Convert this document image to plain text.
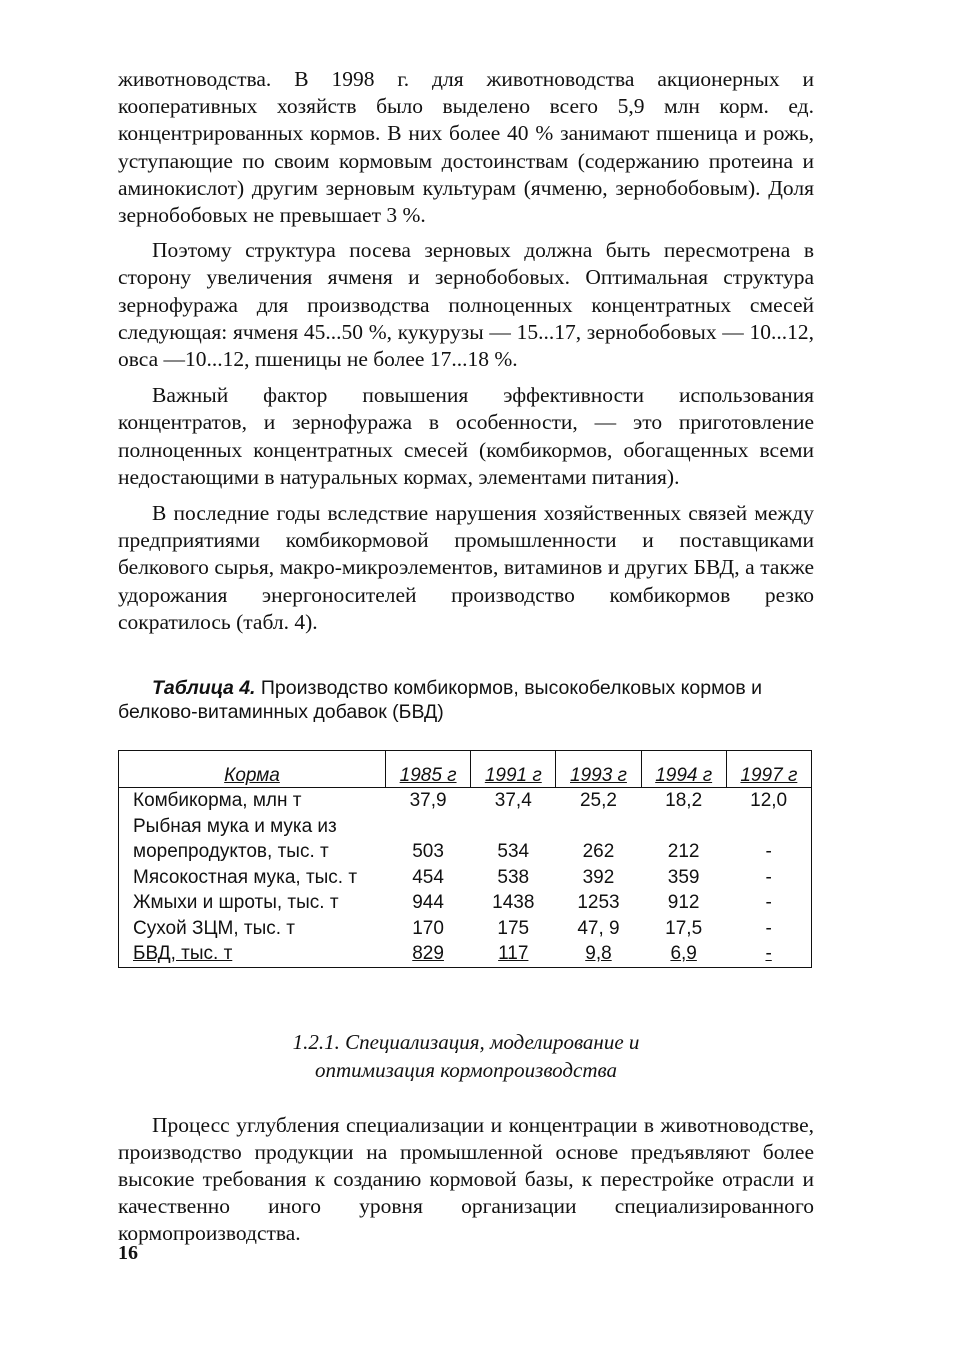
животноводства. В 1998 г. для животноводства акционерных и кооперативных хозяйств было выделено всего 5,9 млн корм. ед. концентрированных кормов. В них более 40 % занимают пшеница и рожь, уступающие по своим кормовым достоинствам (содержанию протеина и аминокислот) другим зерновым культурам (ячменю, зернобобовым). Доля зернобобовых не превышает 3 %.

Поэтому структура посева зерновых должна быть пересмотрена в сторону увеличения ячменя и зернобобовых. Оптимальная структура зернофуража для производства полноценных концентратных смесей следующая: ячменя 45...50 %, кукурузы — 15...17, зернобобовых — 10...12, овса —10...12, пшеницы не более 17...18 %.

Важный фактор повышения эффективности использования концентратов, и зернофуража в особенности, — это приготовление полноценных концентратных смесей (комбикормов, обогащенных всеми недостающими в натуральных кормах, элементами питания).

В последние годы вследствие нарушения хозяйственных связей между предприятиями комбикормовой промышленности и поставщиками белкового сырья, макро-микроэлементов, витаминов и других БВД, а также удорожания энергоносителей производство комбикормов резко сократилось (табл. 4).

Таблица 4. Производство комбикормов, высокобелковых кормов и белково-витаминных добавок (БВД)
Корма	1985 г	1991 г	1993 г	1994 г	1997 г
Комбикорма, млн т	37,9	37,4	25,2	18,2	12,0
Рыбная мука и мука из					
морепродуктов, тыс. т	503	534	262	212	-
Мясокостная мука, тыс. т	454	538	392	359	-
Жмыхи и шроты, тыс. т	944	1438	1253	912	-
Сухой ЗЦМ, тыс. т	170	175	47, 9	17,5	-
БВД, тыс. т	829	117	9,8	6,9	-
1.2.1. Специализация, моделирование и
оптимизация кормопроизводства

Процесс углубления специализации и концентрации в животноводстве, производство продукции на промышленной основе предъявляют более высокие требования к созданию кормовой базы, к перестройке отрасли и качественно иного уровня организации специализированного кормопроизводства.

16
